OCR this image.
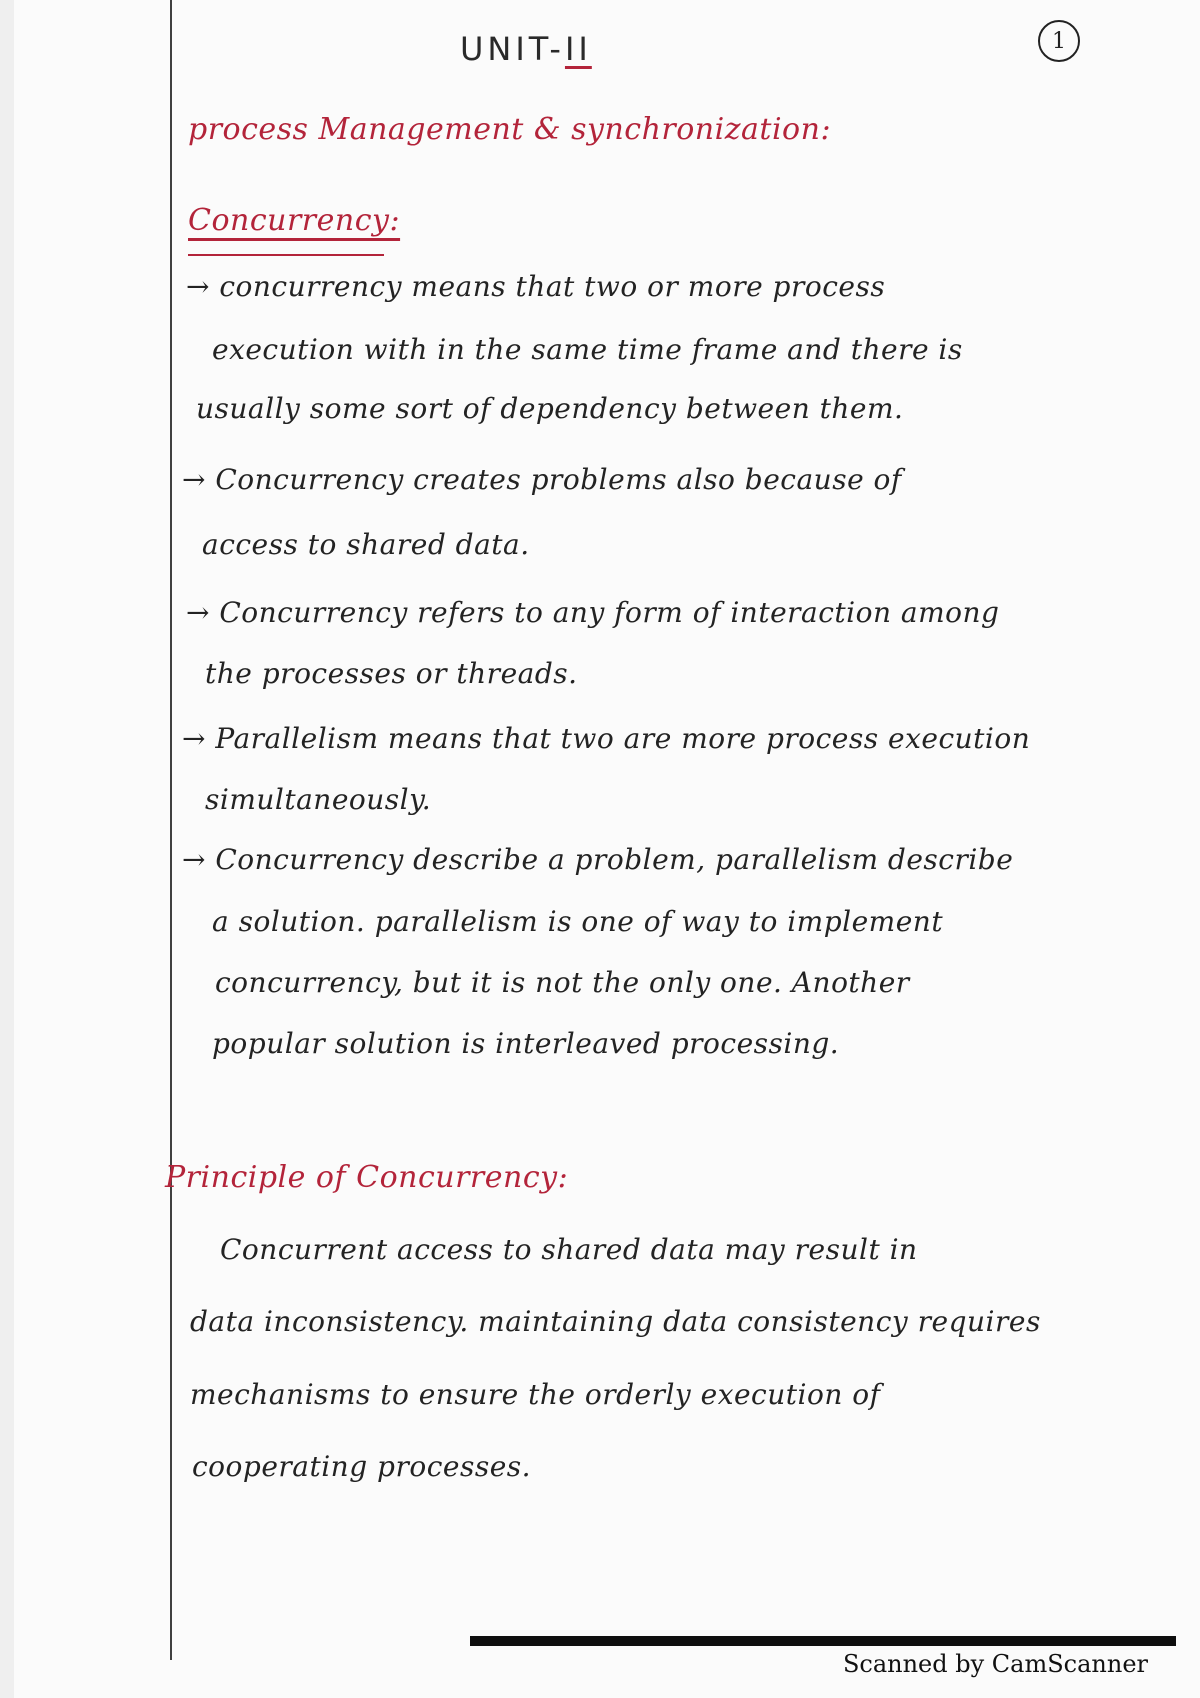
UNIT-II	1
process Management & synchronization:
Concurrency:
→ concurrency means that two or more process
execution with in the same time frame and there is
usually some sort of dependency between them.
→ Concurrency creates problems also because of
access to shared data.
→ Concurrency refers to any form of interaction among
the processes or threads.
→ Parallelism means that two are more process execution
simultaneously.
→ Concurrency describe a problem, parallelism describe
a solution. parallelism is one of way to implement
concurrency, but it is not the only one. Another
popular solution is interleaved processing.
Principle of Concurrency:
Concurrent access to shared data may result in
data inconsistency. maintaining data consistency requires
mechanisms to ensure the orderly execution of
cooperating processes.
Scanned by CamScanner
